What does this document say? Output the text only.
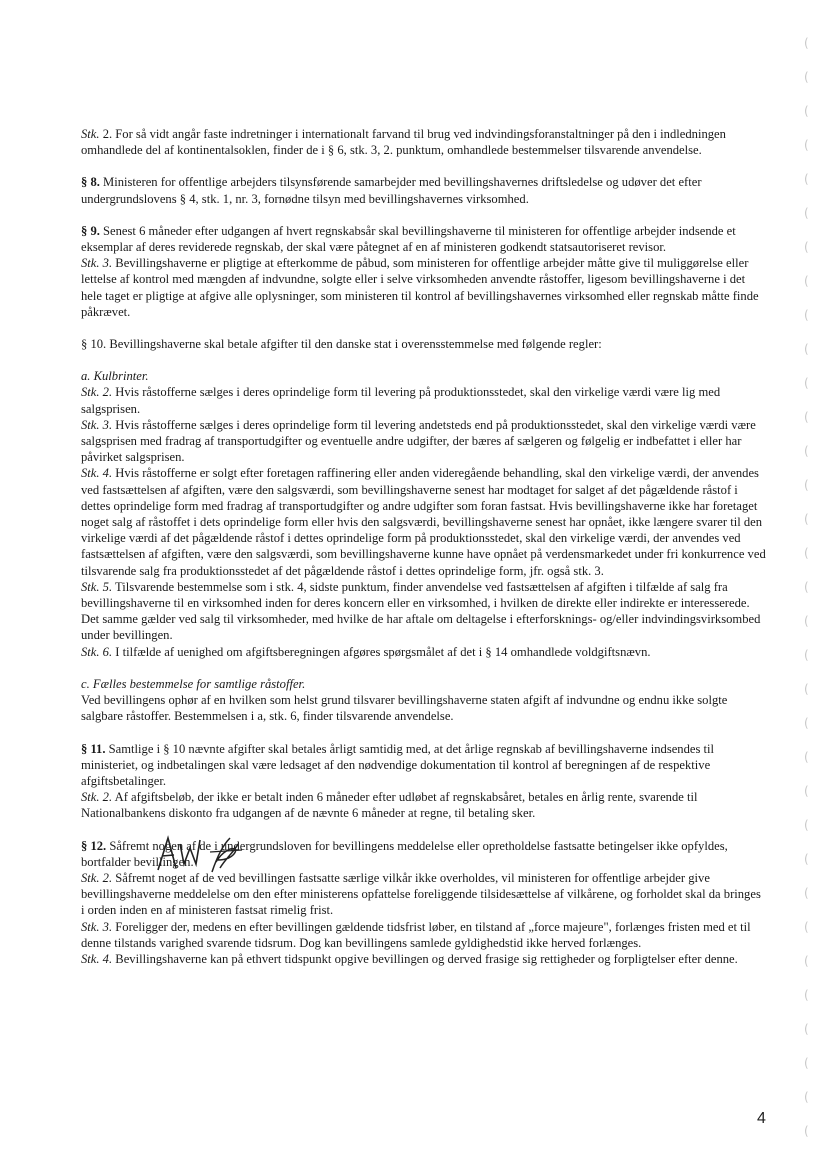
Stk. 2. For så vidt angår faste indretninger i internationalt farvand til brug ved indvindingsforanstaltninger på den i indledningen omhandlede del af kontinentalsoklen, finder de i § 6, stk. 3, 2. punktum, omhandlede bestemmelser tilsvarende anvendelse.

§ 8. Ministeren for offentlige arbejders tilsynsførende samarbejder med bevillingshavernes driftsledelse og udøver det efter undergrundslovens § 4, stk. 1, nr. 3, fornødne tilsyn med bevillingshavernes virksomhed.

§ 9. Senest 6 måneder efter udgangen af hvert regnskabsår skal bevillingshaverne til ministeren for offentlige arbejder indsende et eksemplar af deres reviderede regnskab, der skal være påtegnet af en af ministeren godkendt statsautoriseret revisor.

Stk. 3. Bevillingshaverne er pligtige at efterkomme de påbud, som ministeren for offentlige arbejder måtte give til muliggørelse eller lettelse af kontrol med mængden af indvundne, solgte eller i selve virksomheden anvendte råstoffer, ligesom bevillingshaverne i det hele taget er pligtige at afgive alle oplysninger, som ministeren til kontrol af bevillingshavernes virksomhed eller regnskab måtte finde påkrævet.

§ 10. Bevillingshaverne skal betale afgifter til den danske stat i overensstemmelse med følgende regler:

a. Kulbrinter.

Stk. 2. Hvis råstofferne sælges i deres oprindelige form til levering på produktionsstedet, skal den virkelige værdi være lig med salgsprisen.

Stk. 3. Hvis råstofferne sælges i deres oprindelige form til levering andetsteds end på produktionsstedet, skal den virkelige værdi være salgsprisen med fradrag af transportudgifter og eventuelle andre udgifter, der bæres af sælgeren og følgelig er indbefattet i eller har påvirket salgsprisen.

Stk. 4. Hvis råstofferne er solgt efter foretagen raffinering eller anden videregående behandling, skal den virkelige værdi, der anvendes ved fastsættelsen af afgiften, være den salgsværdi, som bevillingshaverne senest har modtaget for salget af det pågældende råstof i dettes oprindelige form med fradrag af transportudgifter og andre udgifter som foran fastsat. Hvis bevillingshaverne ikke har foretaget noget salg af råstoffet i dets oprindelige form eller hvis den salgsværdi, bevillingshaverne senest har opnået, ikke længere svarer til den virkelige værdi af det pågældende råstof i dettes oprindelige form på produktionsstedet, skal den virkelige værdi, der anvendes ved fastsættelsen af afgiften, være den salgsværdi, som bevillingshaverne kunne have opnået på verdensmarkedet under fri konkurrence ved tilsvarende salg fra produktionsstedet af det pågældende råstof i dettes oprindelige form, jfr. også stk. 3.

Stk. 5. Tilsvarende bestemmelse som i stk. 4, sidste punktum, finder anvendelse ved fastsættelsen af afgiften i tilfælde af salg fra bevillingshaverne til en virksomhed inden for deres koncern eller en virksomhed, i hvilken de direkte eller indirekte er interesserede. Det samme gælder ved salg til virksomheder, med hvilke de har aftale om deltagelse i efterforsknings- og/eller indvindingsvirksombed under bevillingen.

Stk. 6. I tilfælde af uenighed om afgiftsberegningen afgøres spørgsmålet af det i § 14 omhandlede voldgiftsnævn.

c. Fælles bestemmelse for samtlige råstoffer.

Ved bevillingens ophør af en hvilken som helst grund tilsvarer bevillingshaverne staten afgift af indvundne og endnu ikke solgte salgbare råstoffer. Bestemmelsen i a, stk. 6, finder tilsvarende anvendelse.

§ 11. Samtlige i § 10 nævnte afgifter skal betales årligt samtidig med, at det årlige regnskab af bevillingshaverne indsendes til ministeriet, og indbetalingen skal være ledsaget af den nødvendige dokumentation til kontrol af beregningen af de respektive afgiftsbetalinger.

Stk. 2. Af afgiftsbeløb, der ikke er betalt inden 6 måneder efter udløbet af regnskabsåret, betales en årlig rente, svarende til Nationalbankens diskonto fra udgangen af de nævnte 6 måneder at regne, til betaling sker.

§ 12. Såfremt nogen af de i undergrundsloven for bevillingens meddelelse eller opretholdelse fastsatte betingelser ikke opfyldes, bortfalder bevillingen.

Stk. 2. Såfremt noget af de ved bevillingen fastsatte særlige vilkår ikke overholdes, vil ministeren for offentlige arbejder give bevillingshaverne meddelelse om den efter ministerens opfattelse foreliggende tilsidesættelse af vilkårene, og forholdet skal da bringes i orden inden en af ministeren fastsat rimelig frist.

Stk. 3. Foreligger der, medens en efter bevillingen gældende tidsfrist løber, en tilstand af „force majeure", forlænges fristen med et til denne tilstands varighed svarende tidsrum. Dog kan bevillingens samlede gyldighedstid ikke herved forlænges.

Stk. 4. Bevillingshaverne kan på ethvert tidspunkt opgive bevillingen og derved frasige sig rettigheder og forpligtelser efter denne.

4
(
(
(
(
(
(
(
(
(
(
(
(
(
(
(
(
(
(
(
(
(
(
(
(
(
(
(
(
(
(
(
(
(
